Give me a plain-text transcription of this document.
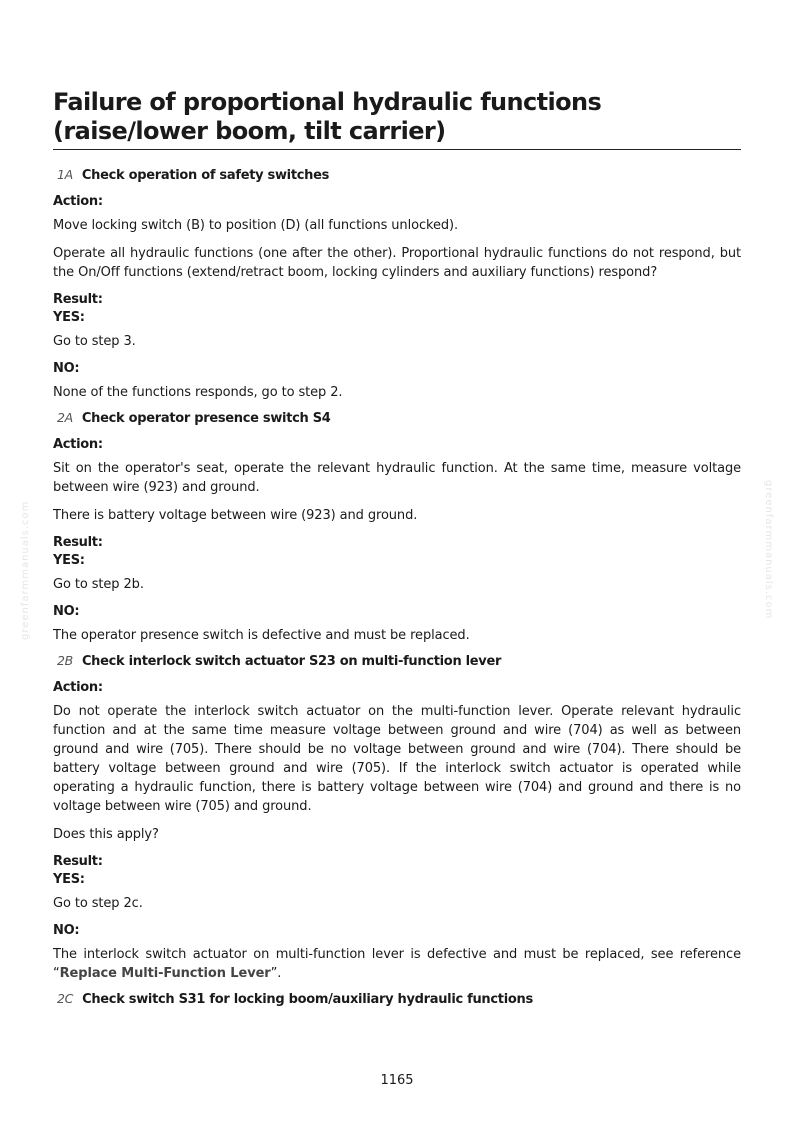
greenfarmmanuals.com	greenfarmmanuals.com
Failure of proportional hydraulic functions (raise/lower boom, tilt carrier)
1A Check operation of safety switches
Action:

Move locking switch (B) to position (D) (all functions unlocked).

Operate all hydraulic functions (one after the other). Proportional hydraulic functions do not respond, but the On/Off functions (extend/retract boom, locking cylinders and auxiliary functions) respond?

Result:
YES:

Go to step 3.

NO:

None of the functions responds, go to step 2.

2A Check operator presence switch S4
Action:

Sit on the operator's seat, operate the relevant hydraulic function. At the same time, measure voltage between wire (923) and ground.

There is battery voltage between wire (923) and ground.

Result:
YES:

Go to step 2b.

NO:

The operator presence switch is defective and must be replaced.

2B Check interlock switch actuator S23 on multi-function lever
Action:

Do not operate the interlock switch actuator on the multi-function lever. Operate relevant hydraulic function and at the same time measure voltage between ground and wire (704) as well as between ground and wire (705). There should be no voltage between ground and wire (704). There should be battery voltage between ground and wire (705). If the interlock switch actuator is operated while operating a hydraulic function, there is battery voltage between wire (704) and ground and there is no voltage between wire (705) and ground.

Does this apply?

Result:
YES:

Go to step 2c.

NO:

The interlock switch actuator on multi-function lever is defective and must be replaced, see reference “Replace Multi-Function Lever”.

2C Check switch S31 for locking boom/auxiliary hydraulic functions
1165
